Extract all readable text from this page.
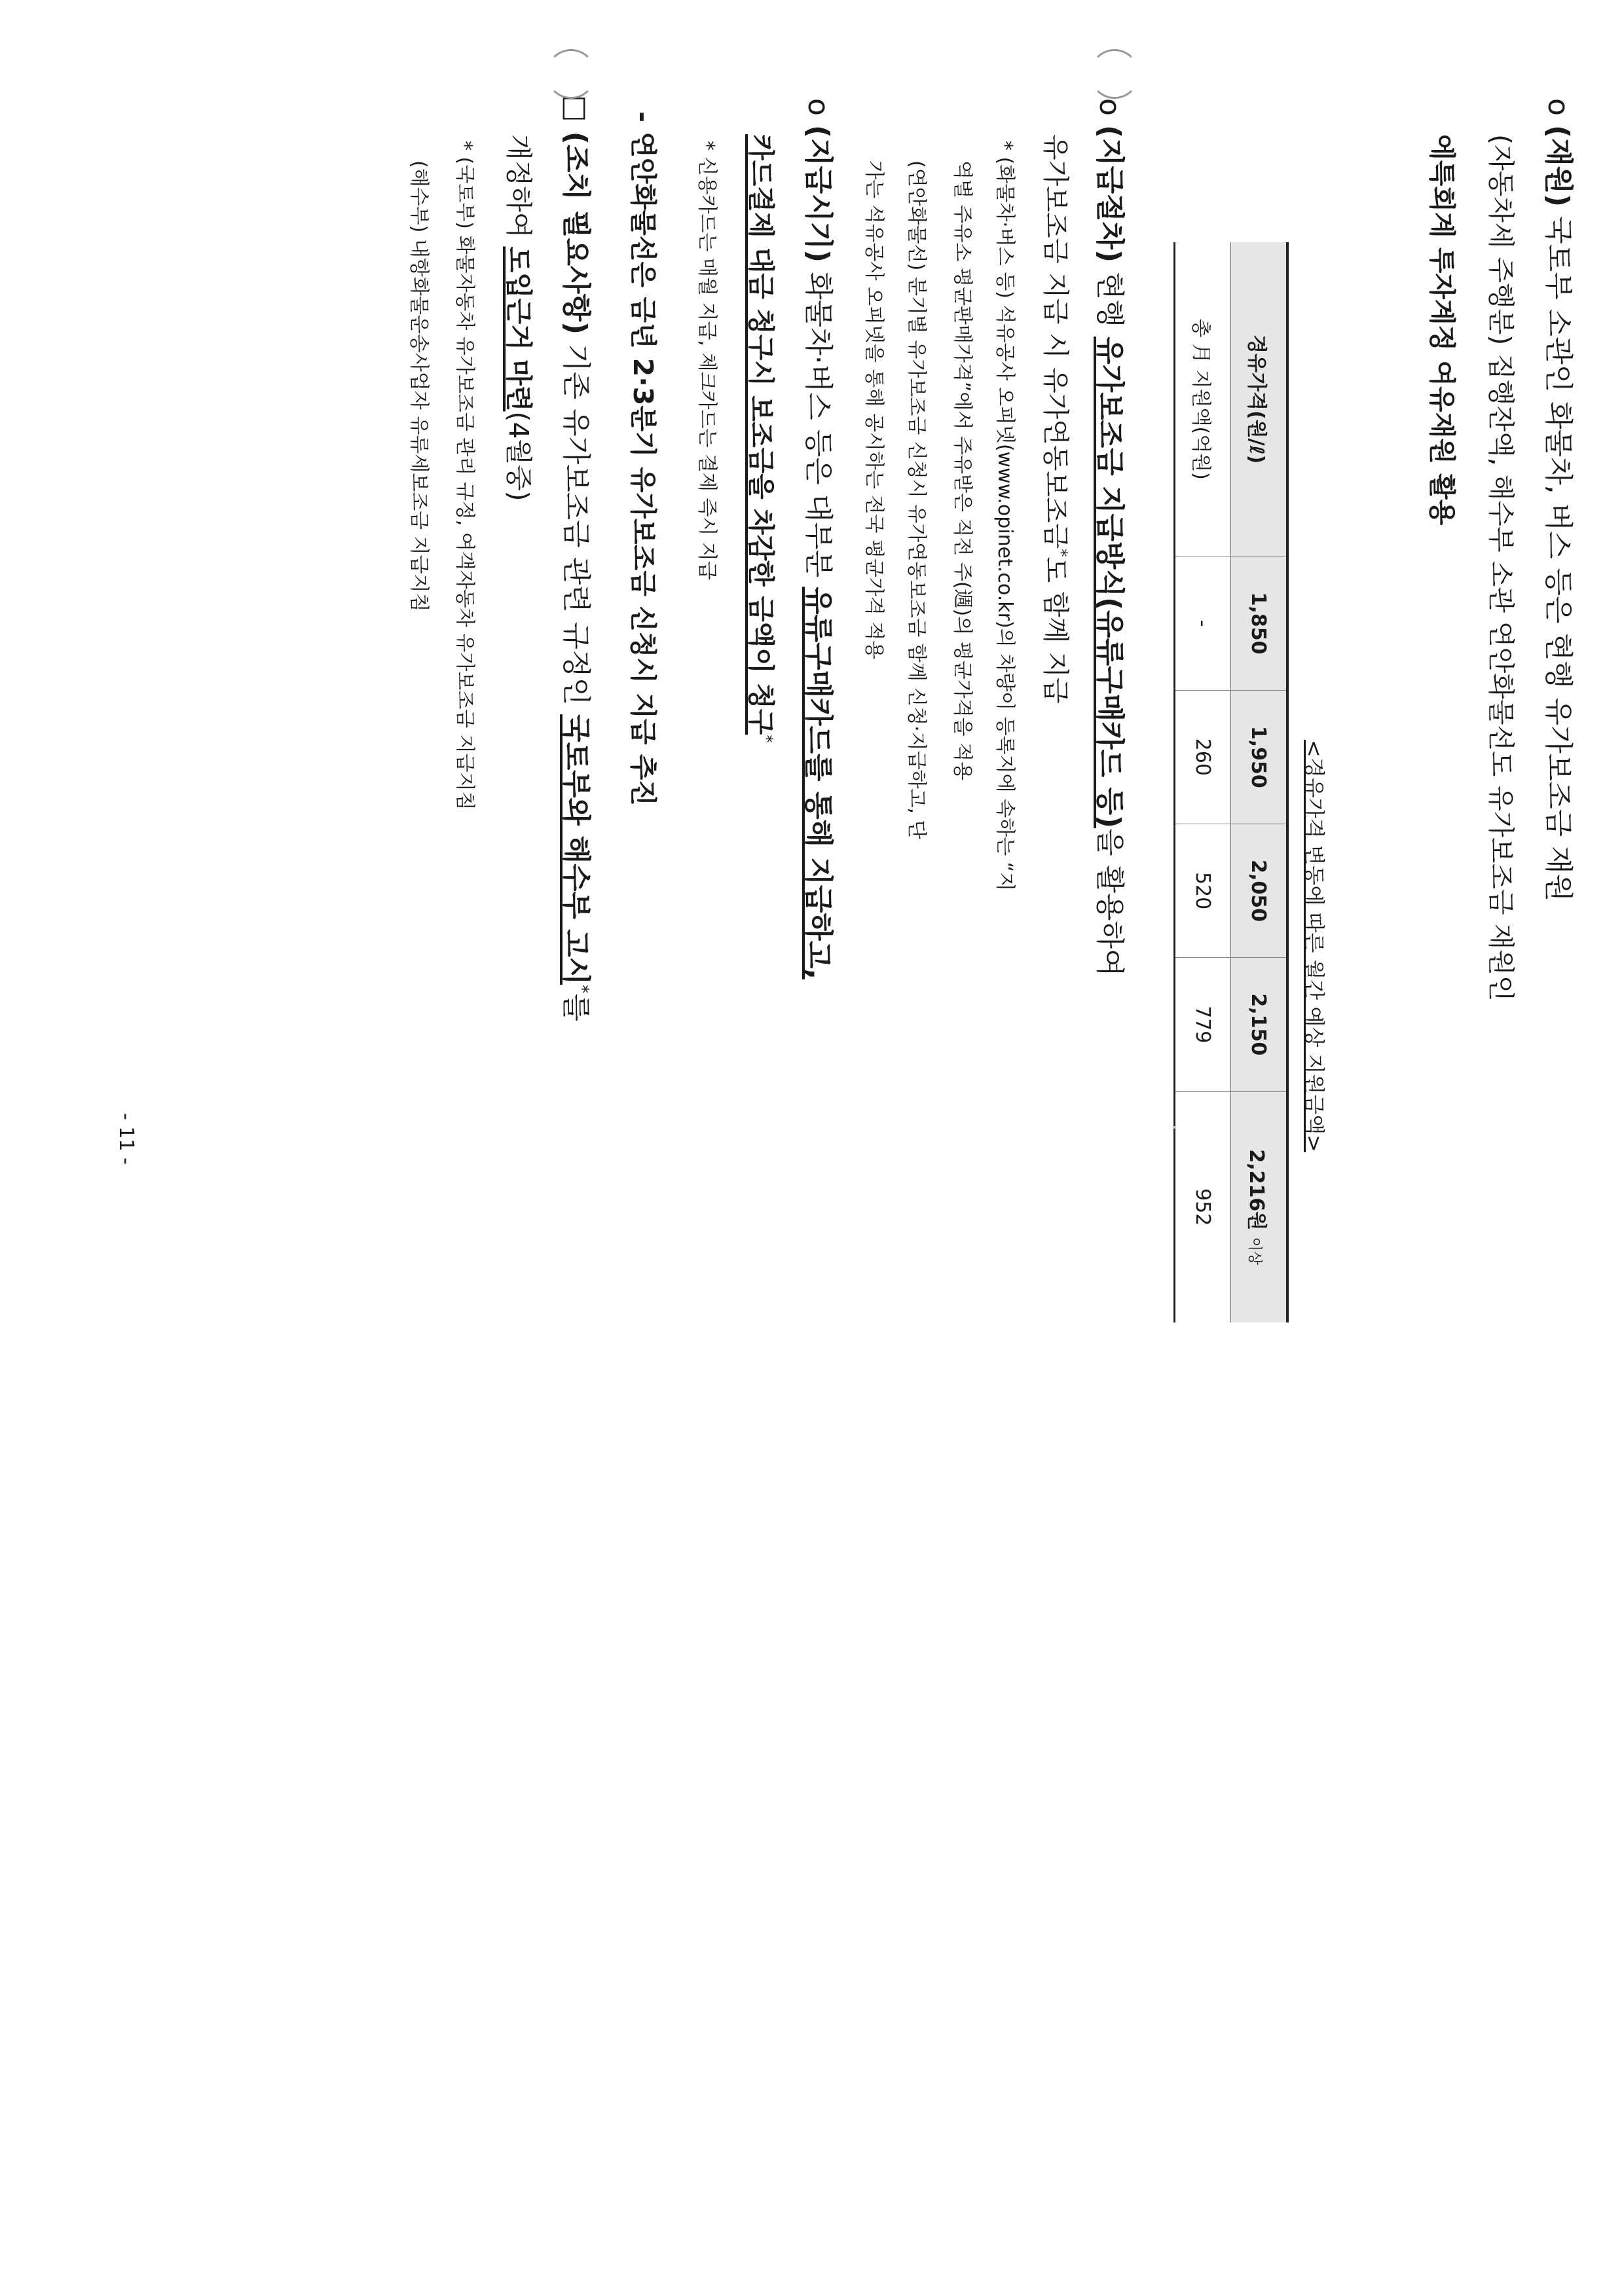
o (재원) 국토부 소관인 화물차, 버스 등은 현행 유가보조금 재원
(자동차세 주행분) 집행잔액, 해수부 소관 연안화물선도 유가보조금 재원인
에특회계 투자계정 여유재원 활용
<경유가격 변동에 따른 월간 예상 지원금액>
경유가격(원/ℓ)	1,850	1,950	2,050	2,150	2,216원 이상
총 月 지원액(억원)	-	260	520	779	952
o (지급절차) 현행 유가보조금 지급방식(유류구매카드 등)을 활용하여
유가보조금 지급 시 유가연동보조금*도 함께 지급
* (화물차·버스 등) 석유공사 오피넷(www.opinet.co.kr)의 차량이 등록지에 속하는 “지
역별 주유소 평균판매가격”에서 주유받은 직전 주(週)의 평균가격을 적용
(연안화물선) 분기별 유가보조금 신청시 유가연동보조금 함께 신청·지급하고, 단
가는 석유공사 오피넷을 통해 공시하는 전국 평균가격 적용
o (지급시기) 화물차·버스 등은 대부분 유류구매카드를 통해 지급하고,
카드결제 대금 청구시 보조금을 차감한 금액이 청구*
* 신용카드는 매월 지급, 체크카드는 결제 즉시 지급
- 연안화물선은 금년 2·3분기 유가보조금 신청시 지급 추진
□ (조치 필요사항) 기존 유가보조금 관련 규정인 국토부와 해수부 고시*를
개정하여 도입근거 마련(4월중)
* (국토부) 화물자동차 유가보조금 관리 규정, 여객자동차 유가보조금 지급지침
(해수부) 내항화물운송사업자 유류세보조금 지급지침
- 11 -
